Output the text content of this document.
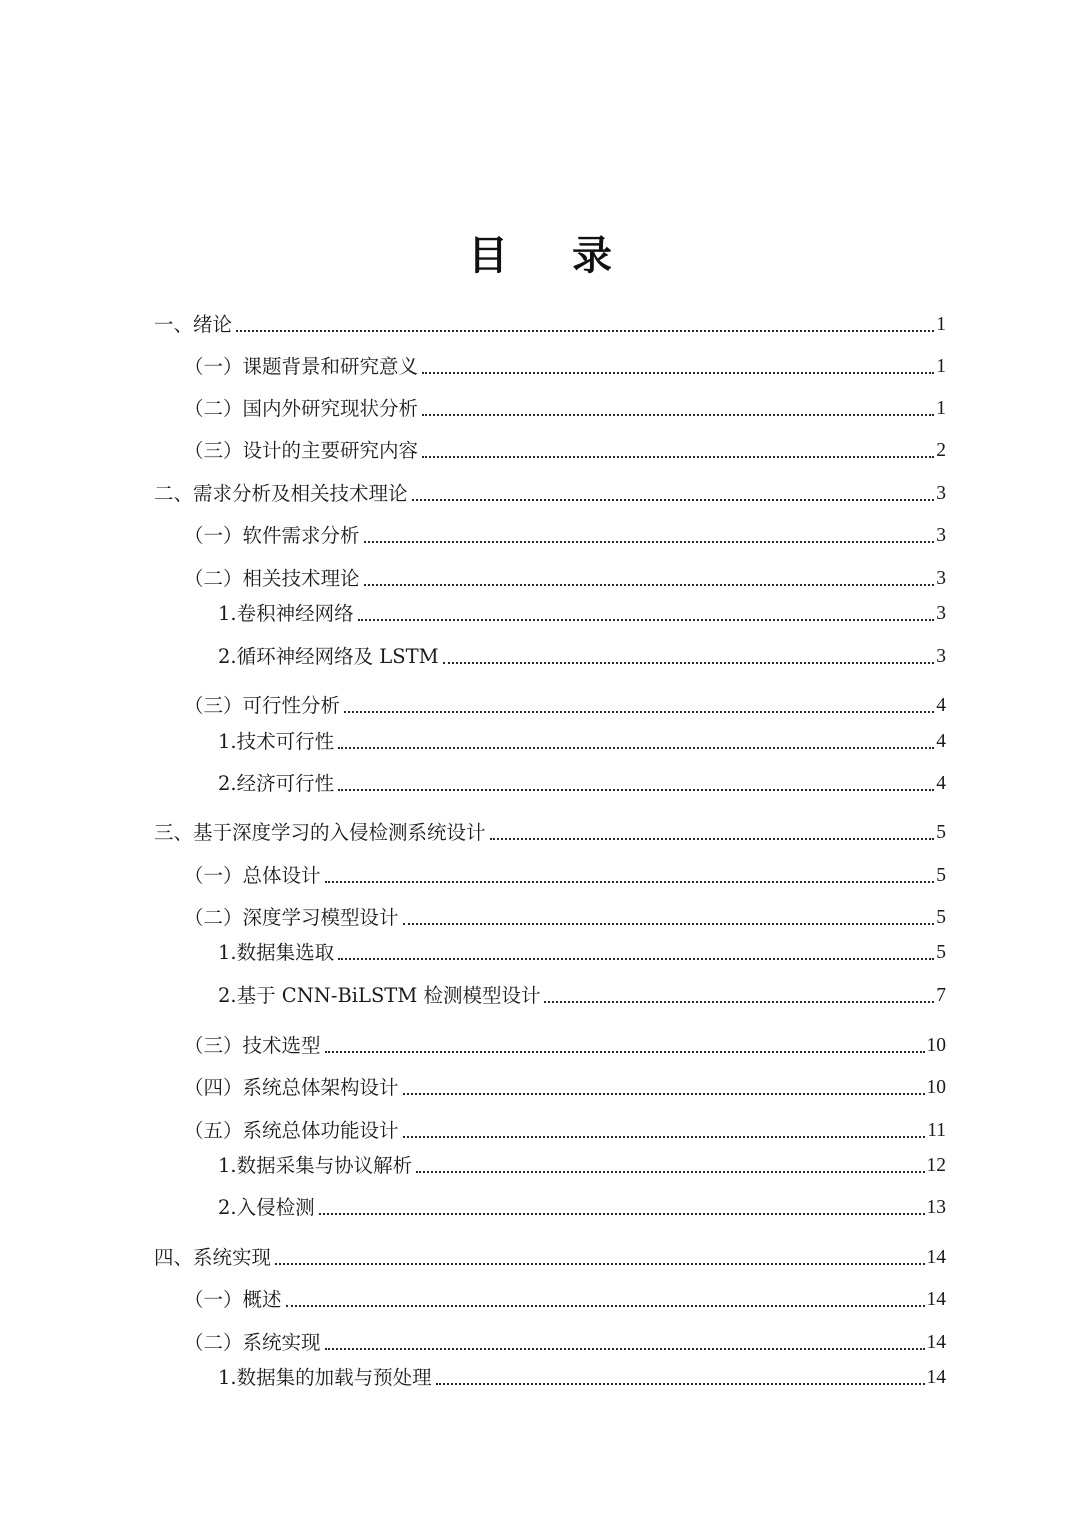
目录
一、绪论	1
（一）课题背景和研究意义	1
（二）国内外研究现状分析	1
（三）设计的主要研究内容	2
二、需求分析及相关技术理论	3
（一）软件需求分析	3
（二）相关技术理论	3
1.卷积神经网络	3
2.循环神经网络及 LSTM	3
（三）可行性分析	4
1.技术可行性	4
2.经济可行性	4
三、基于深度学习的入侵检测系统设计	5
（一）总体设计	5
（二）深度学习模型设计	5
1.数据集选取	5
2.基于 CNN-BiLSTM 检测模型设计	7
（三）技术选型	10
（四）系统总体架构设计	10
（五）系统总体功能设计	11
1.数据采集与协议解析	12
2.入侵检测	13
四、系统实现	14
（一）概述	14
（二）系统实现	14
1.数据集的加载与预处理	14
